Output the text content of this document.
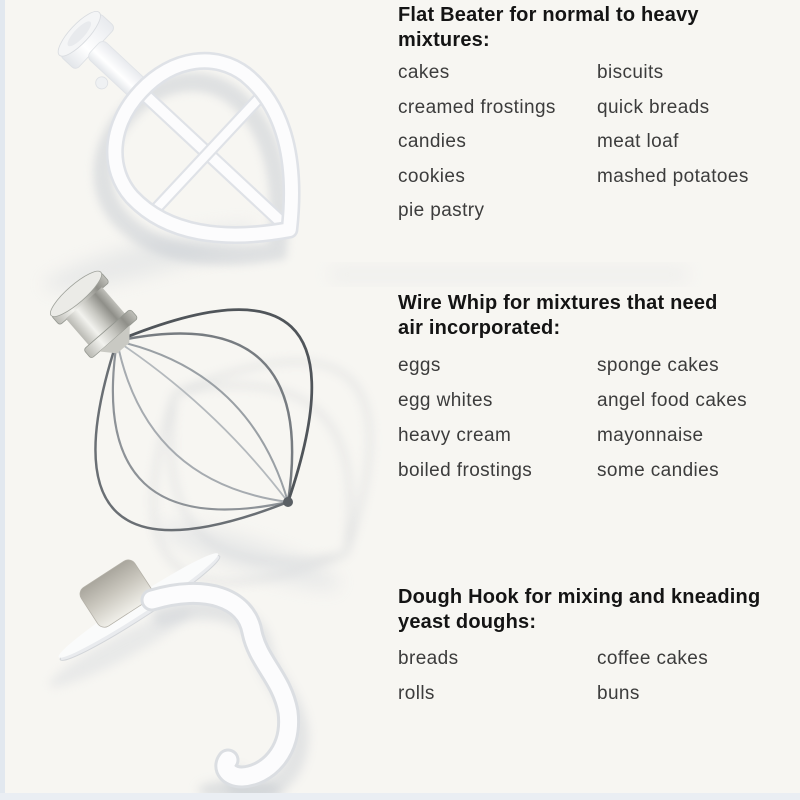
Flat Beater for normal to heavy
mixtures:
cakes	biscuits
creamed frostings	quick breads
candies	meat loaf
cookies	mashed potatoes
pie pastry
Wire Whip for mixtures that need
air incorporated:
eggs	sponge cakes
egg whites	angel food cakes
heavy cream	mayonnaise
boiled frostings	some candies
Dough Hook for mixing and kneading
yeast doughs:
breads	coffee cakes
rolls	buns
